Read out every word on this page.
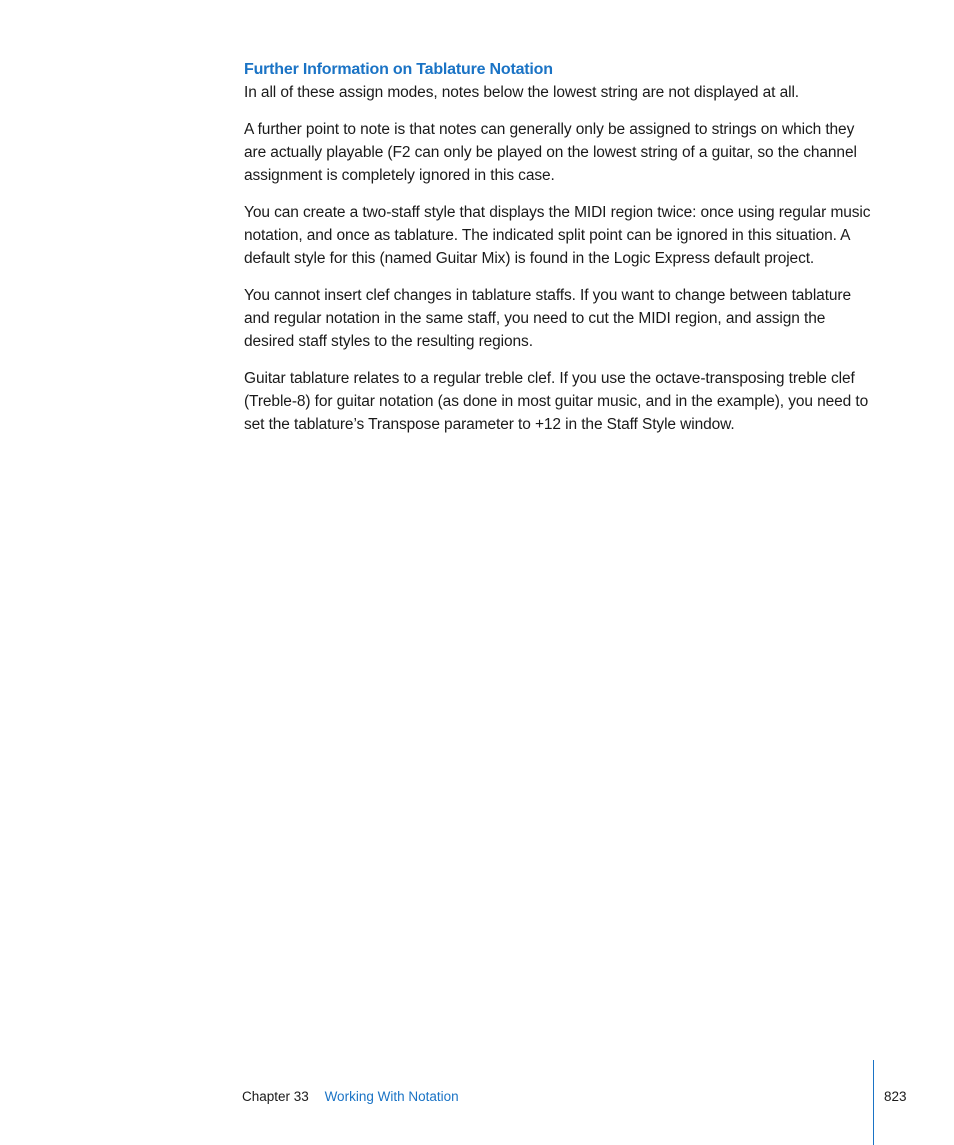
Further Information on Tablature Notation

In all of these assign modes, notes below the lowest string are not displayed at all.

A further point to note is that notes can generally only be assigned to strings on which they are actually playable (F2 can only be played on the lowest string of a guitar, so the channel assignment is completely ignored in this case.

You can create a two-staff style that displays the MIDI region twice: once using regular music notation, and once as tablature. The indicated split point can be ignored in this situation. A default style for this (named Guitar Mix) is found in the Logic Express default project.

You cannot insert clef changes in tablature staffs. If you want to change between tablature and regular notation in the same staff, you need to cut the MIDI region, and assign the desired staff styles to the resulting regions.

Guitar tablature relates to a regular treble clef. If you use the octave-transposing treble clef (Treble-8) for guitar notation (as done in most guitar music, and in the example), you need to set the tablature’s Transpose parameter to +12 in the Staff Style window.

Chapter 33 Working With Notation	823
